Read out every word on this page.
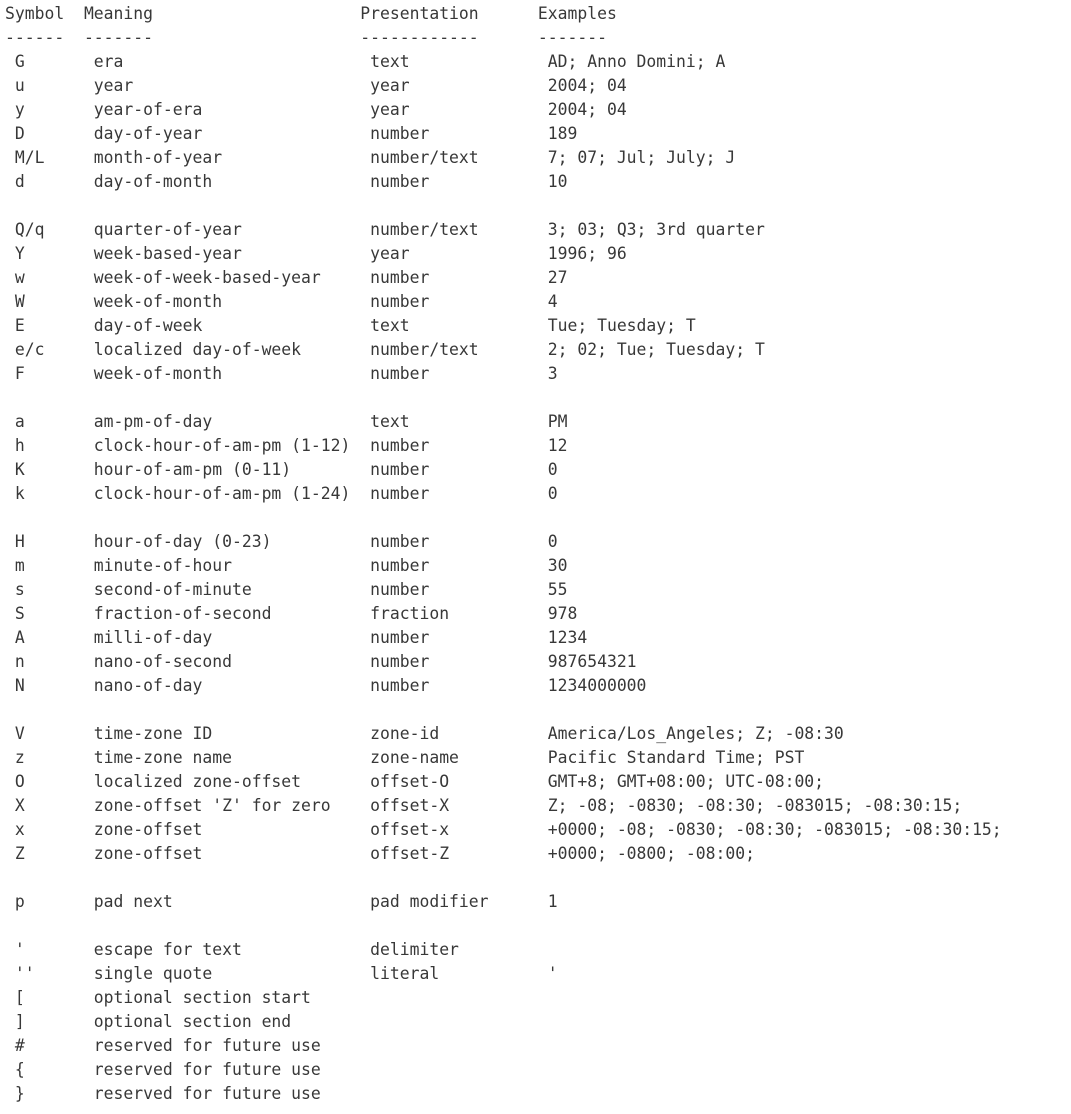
Symbol  Meaning                     Presentation      Examples
------  -------                     ------------      -------
G       era                         text              AD; Anno Domini; A
u       year                        year              2004; 04
y       year-of-era                 year              2004; 04
D       day-of-year                 number            189
M/L     month-of-year               number/text       7; 07; Jul; July; J
d       day-of-month                number            10
Q/q     quarter-of-year             number/text       3; 03; Q3; 3rd quarter
Y       week-based-year             year              1996; 96
w       week-of-week-based-year     number            27
W       week-of-month               number            4
E       day-of-week                 text              Tue; Tuesday; T
e/c     localized day-of-week       number/text       2; 02; Tue; Tuesday; T
F       week-of-month               number            3
a       am-pm-of-day                text              PM
h       clock-hour-of-am-pm (1-12)  number            12
K       hour-of-am-pm (0-11)        number            0
k       clock-hour-of-am-pm (1-24)  number            0
H       hour-of-day (0-23)          number            0
m       minute-of-hour              number            30
s       second-of-minute            number            55
S       fraction-of-second          fraction          978
A       milli-of-day                number            1234
n       nano-of-second              number            987654321
N       nano-of-day                 number            1234000000
V       time-zone ID                zone-id           America/Los_Angeles; Z; -08:30
z       time-zone name              zone-name         Pacific Standard Time; PST
O       localized zone-offset       offset-O          GMT+8; GMT+08:00; UTC-08:00;
X       zone-offset 'Z' for zero    offset-X          Z; -08; -0830; -08:30; -083015; -08:30:15;
x       zone-offset                 offset-x          +0000; -08; -0830; -08:30; -083015; -08:30:15;
Z       zone-offset                 offset-Z          +0000; -0800; -08:00;
p       pad next                    pad modifier      1
'       escape for text             delimiter
''      single quote                literal           '
[       optional section start
]       optional section end
#       reserved for future use
{       reserved for future use
}       reserved for future use
